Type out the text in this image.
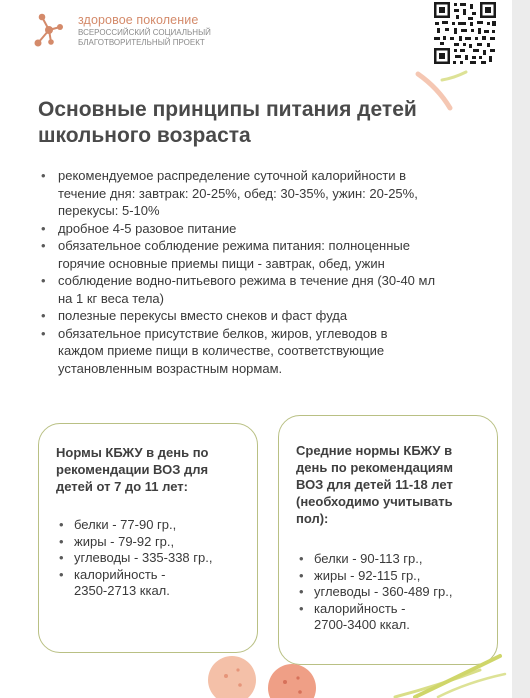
здоровое поколение
ВСЕРОССИЙСКИЙ СОЦИАЛЬНЫЙ
БЛАГОТВОРИТЕЛЬНЫЙ ПРОЕКТ
Основные принципы питания детей
школьного возраста
• рекомендуемое распределение суточной калорийности в
течение дня: завтрак: 20-25%, обед: 30-35%, ужин: 20-25%,
перекусы: 5-10%
• дробное 4-5 разовое питание
• обязательное соблюдение режима питания: полноценные
горячие основные приемы пищи - завтрак, обед, ужин
• соблюдение водно-питьевого режима в течение дня (30-40 мл
на 1 кг веса тела)
• полезные перекусы вместо снеков и фаст фуда
• обязательное присутствие белков, жиров, углеводов в
каждом приеме пищи в количестве, соответствующие
установленным возрастным нормам.
Нормы КБЖУ в день по
рекомендации ВОЗ для
детей от 7 до 11 лет:
• белки - 77-90 гр.,
• жиры - 79-92 гр.,
• углеводы - 335-338 гр.,
• калорийность -
2350-2713 ккал.
Средние нормы КБЖУ в
день по рекомендациям
ВОЗ для детей 11-18 лет
(необходимо учитывать
пол):
• белки - 90-113 гр.,
• жиры - 92-115 гр.,
• углеводы - 360-489 гр.,
• калорийность -
2700-3400 ккал.
